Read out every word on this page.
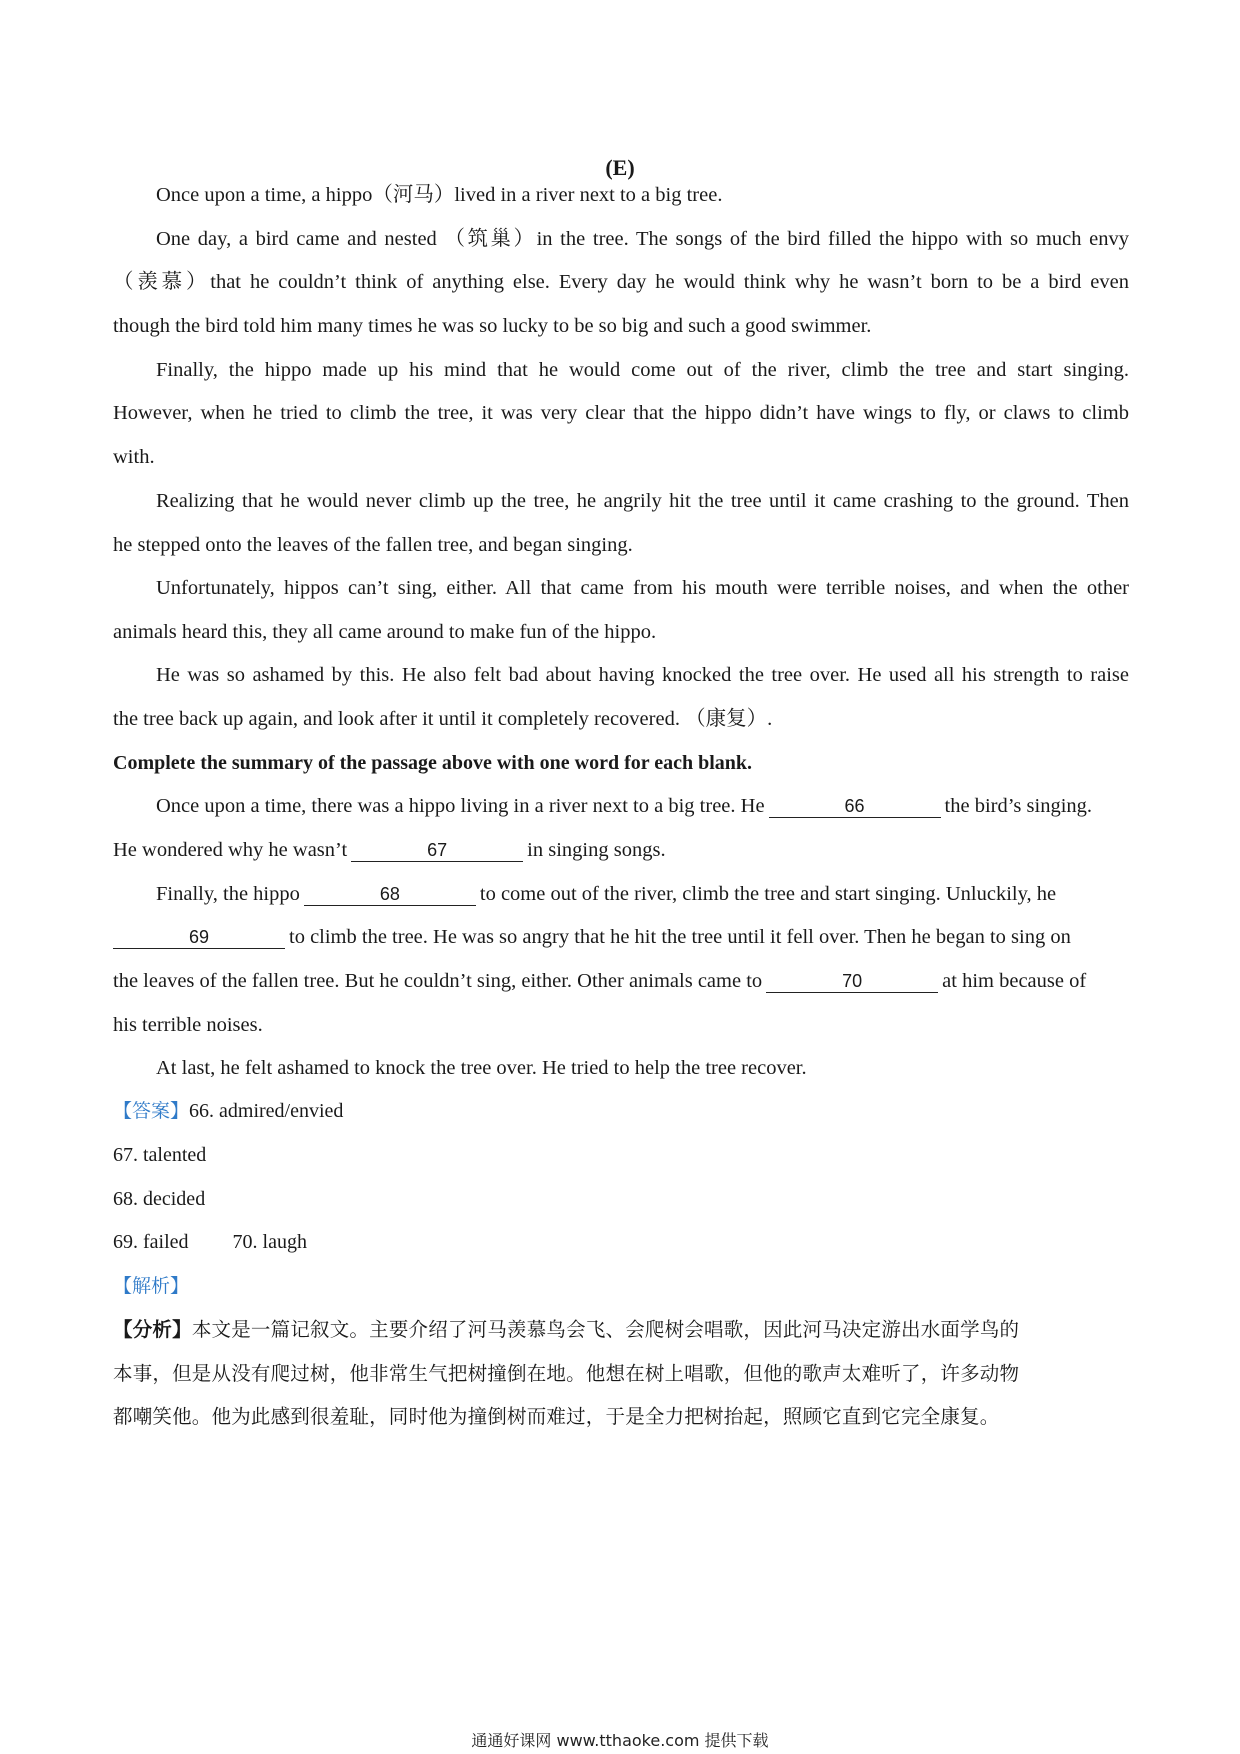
(E)
Once upon a time, a hippo（河马）lived in a river next to a big tree.
One day, a bird came and nested （筑巢）in the tree. The songs of the bird filled the hippo with so much envy
（羡慕）that he couldn’t think of anything else. Every day he would think why he wasn’t born to be a bird even
though the bird told him many times he was so lucky to be so big and such a good swimmer.
Finally, the hippo made up his mind that he would come out of the river, climb the tree and start singing.
However, when he tried to climb the tree, it was very clear that the hippo didn’t have wings to fly, or claws to climb
with.
Realizing that he would never climb up the tree, he angrily hit the tree until it came crashing to the ground. Then
he stepped onto the leaves of the fallen tree, and began singing.
Unfortunately, hippos can’t sing, either. All that came from his mouth were terrible noises, and when the other
animals heard this, they all came around to make fun of the hippo.
He was so ashamed by this. He also felt bad about having knocked the tree over. He used all his strength to raise
the tree back up again, and look after it until it completely recovered. （康复）.
Complete the summary of the passage above with one word for each blank.
Once upon a time, there was a hippo living in a river next to a big tree. He	66	the bird’s singing.
He wondered why he wasn’t	67	in singing songs.
Finally, the hippo	68	to come out of the river, climb the tree and start singing. Unluckily, he
69	to climb the tree. He was so angry that he hit the tree until it fell over. Then he began to sing on
the leaves of the fallen tree. But he couldn’t sing, either. Other animals came to	70	at him because of
his terrible noises.
At last, he felt ashamed to knock the tree over. He tried to help the tree recover.
【答案】66. admired/envied
67. talented
68. decided
69. failed 70. laugh
【解析】
【分析】本文是一篇记叙文。主要介绍了河马羡慕鸟会飞、会爬树会唱歌，因此河马决定游出水面学鸟的
本事，但是从没有爬过树，他非常生气把树撞倒在地。他想在树上唱歌，但他的歌声太难听了，许多动物
都嘲笑他。他为此感到很羞耻，同时他为撞倒树而难过，于是全力把树抬起，照顾它直到它完全康复。
通通好课网 www.tthaoke.com 提供下载
